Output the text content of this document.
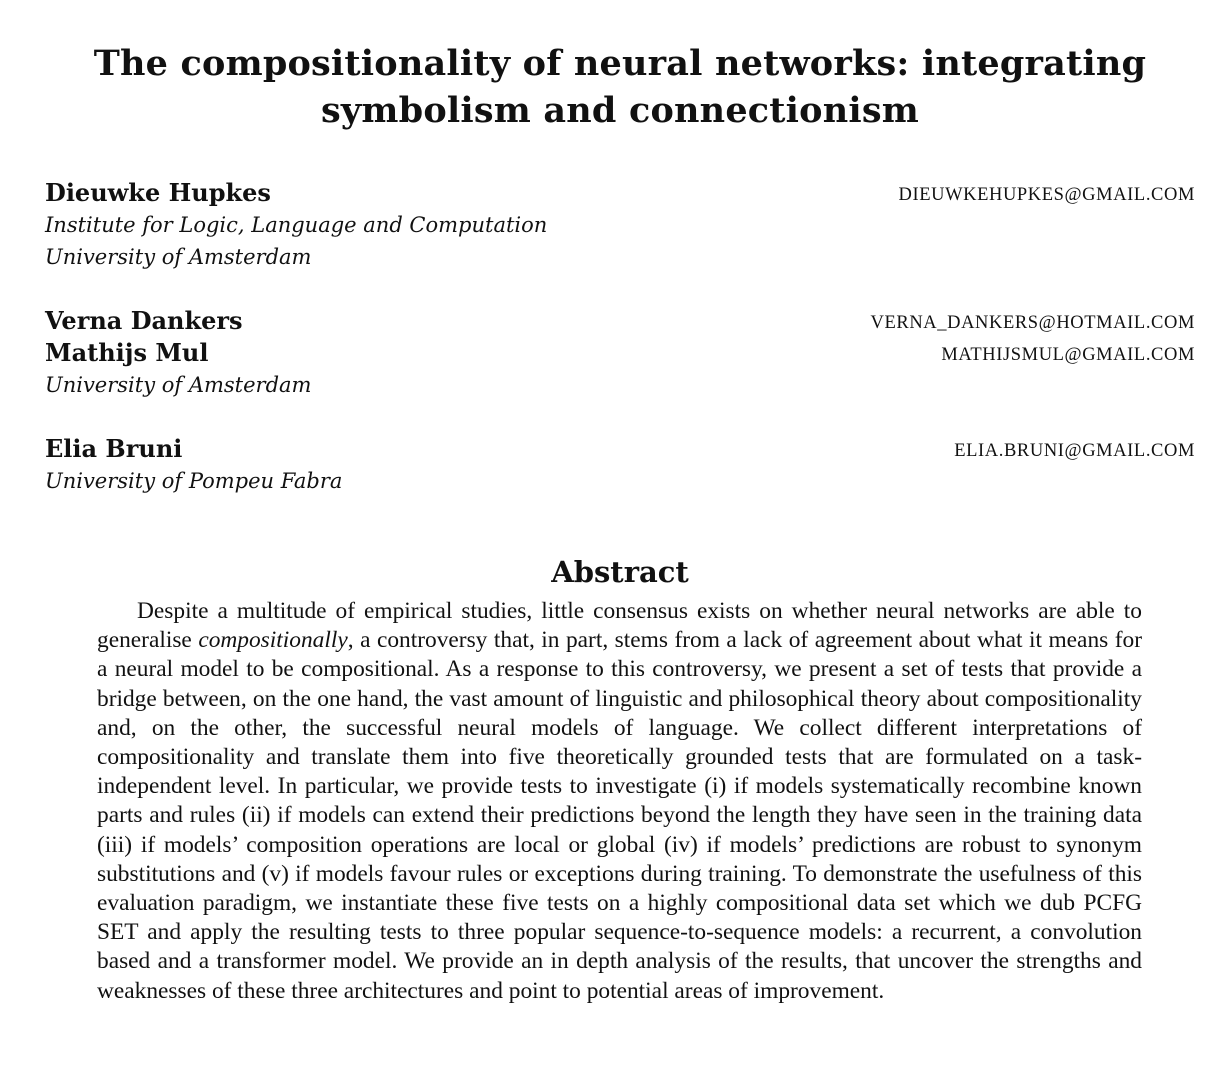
The compositionality of neural networks: integrating symbolism and connectionism
Dieuwke Hupkes	DIEUWKEHUPKES@GMAIL.COM
Institute for Logic, Language and Computation
University of Amsterdam
Verna Dankers	VERNA_DANKERS@HOTMAIL.COM
Mathijs Mul	MATHIJSMUL@GMAIL.COM
University of Amsterdam
Elia Bruni	ELIA.BRUNI@GMAIL.COM
University of Pompeu Fabra
Abstract
Despite a multitude of empirical studies, little consensus exists on whether neural networks are able to generalise compositionally, a controversy that, in part, stems from a lack of agreement about what it means for a neural model to be compositional. As a response to this controversy, we present a set of tests that provide a bridge between, on the one hand, the vast amount of linguistic and philosophical theory about compositionality and, on the other, the successful neural models of language. We collect different interpretations of compositionality and translate them into five theoretically grounded tests that are formulated on a task-independent level. In particular, we provide tests to investigate (i) if models systematically recombine known parts and rules (ii) if models can extend their predictions beyond the length they have seen in the training data (iii) if models’ composition operations are local or global (iv) if models’ predictions are robust to synonym substitutions and (v) if models favour rules or exceptions during training. To demonstrate the usefulness of this evaluation paradigm, we instantiate these five tests on a highly compositional data set which we dub PCFG SET and apply the resulting tests to three popular sequence-to-sequence models: a recurrent, a convolution based and a transformer model. We provide an in depth analysis of the results, that uncover the strengths and weaknesses of these three architectures and point to potential areas of improvement.
